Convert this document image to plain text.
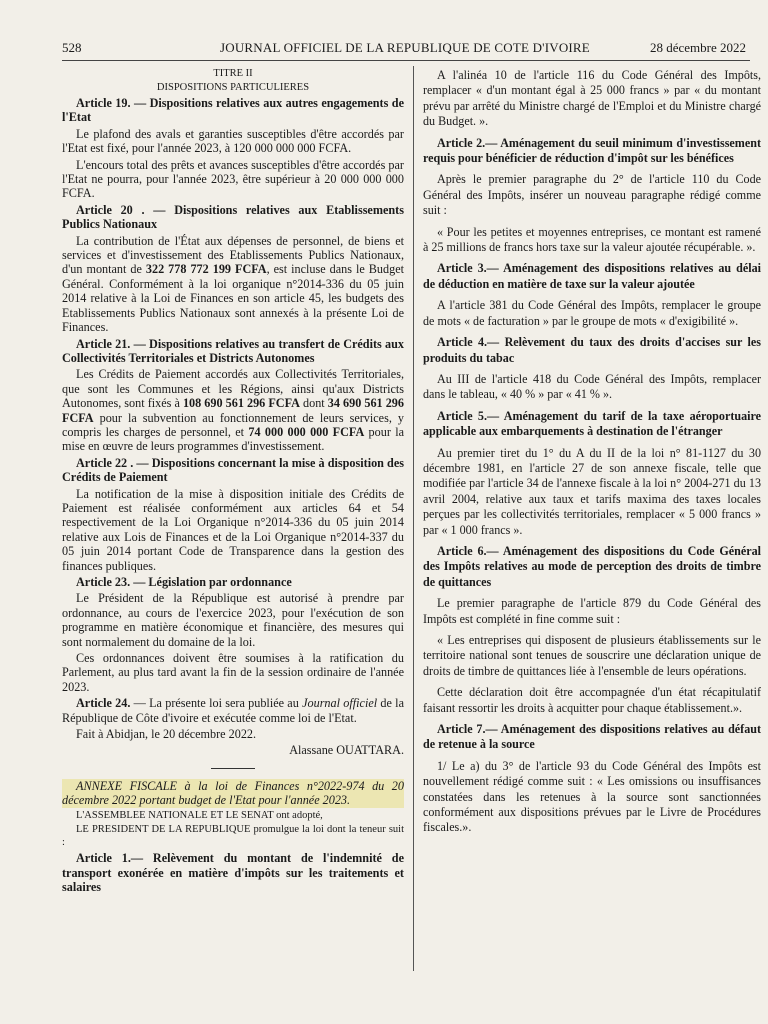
528	JOURNAL OFFICIEL DE LA REPUBLIQUE DE COTE D'IVOIRE	28 décembre 2022

TITRE II

DISPOSITIONS PARTICULIERES

Article 19. — Dispositions relatives aux autres engagements de l'Etat

Le plafond des avals et garanties susceptibles d'être accordés par l'Etat est fixé, pour l'année 2023, à 120 000 000 000 FCFA.

L'encours total des prêts et avances susceptibles d'être accordés par l'Etat ne pourra, pour l'année 2023, être supérieur à 20 000 000 000 FCFA.

Article 20 . — Dispositions relatives aux Etablissements Publics Nationaux

La contribution de l'État aux dépenses de personnel, de biens et services et d'investissement des Etablissements Publics Nationaux, d'un montant de 322 778 772 199 FCFA, est incluse dans le Budget Général. Conformément à la loi organique n°2014-336 du 05 juin 2014 relative à la Loi de Finances en son article 45, les budgets des Etablissements Publics Nationaux sont annexés à la présente Loi de Finances.

Article 21. — Dispositions relatives au transfert de Crédits aux Collectivités Territoriales et Districts Autonomes

Les Crédits de Paiement accordés aux Collectivités Territoriales, que sont les Communes et les Régions, ainsi qu'aux Districts Autonomes, sont fixés à 108 690 561 296 FCFA dont 34 690 561 296 FCFA pour la subvention au fonctionnement de leurs services, y compris les charges de personnel, et 74 000 000 000 FCFA pour la mise en œuvre de leurs programmes d'investissement.

Article 22 . — Dispositions concernant la mise à disposition des Crédits de Paiement

La notification de la mise à disposition initiale des Crédits de Paiement est réalisée conformément aux articles 64 et 54 respectivement de la Loi Organique n°2014-336 du 05 juin 2014 relative aux Lois de Finances et de la Loi Organique n°2014-337 du 05 juin 2014 portant Code de Transparence dans la gestion des finances publiques.

Article 23. — Législation par ordonnance

Le Président de la République est autorisé à prendre par ordonnance, au cours de l'exercice 2023, pour l'exécution de son programme en matière économique et financière, des mesures qui sont normalement du domaine de la loi.

Ces ordonnances doivent être soumises à la ratification du Parlement, au plus tard avant la fin de la session ordinaire de l'année 2023.

Article 24. — La présente loi sera publiée au Journal officiel de la République de Côte d'ivoire et exécutée comme loi de l'Etat.

Fait à Abidjan, le 20 décembre 2022.

Alassane OUATTARA.

ANNEXE FISCALE à la loi de Finances n°2022-974 du 20 décembre 2022 portant budget de l'Etat pour l'année 2023.

L'ASSEMBLEE NATIONALE ET LE SENAT ont adopté,

LE PRESIDENT DE LA REPUBLIQUE promulgue la loi dont la teneur suit :

Article 1.— Relèvement du montant de l'indemnité de transport exonérée en matière d'impôts sur les traitements et salaires

A l'alinéa 10 de l'article 116 du Code Général des Impôts, remplacer « d'un montant égal à 25 000 francs » par « du montant prévu par arrêté du Ministre chargé de l'Emploi et du Ministre chargé du Budget. ».

Article 2.— Aménagement du seuil minimum d'investissement requis pour bénéficier de réduction d'impôt sur les bénéfices

Après le premier paragraphe du 2° de l'article 110 du Code Général des Impôts, insérer un nouveau paragraphe rédigé comme suit :

« Pour les petites et moyennes entreprises, ce montant est ramené à 25 millions de francs hors taxe sur la valeur ajoutée récupérable. ».

Article 3.— Aménagement des dispositions relatives au délai de déduction en matière de taxe sur la valeur ajoutée

A l'article 381 du Code Général des Impôts, remplacer le groupe de mots « de facturation » par le groupe de mots « d'exigibilité ».

Article 4.— Relèvement du taux des droits d'accises sur les produits du tabac

Au III de l'article 418 du Code Général des Impôts, remplacer dans le tableau, « 40 % » par « 41 % ».

Article 5.— Aménagement du tarif de la taxe aéroportuaire applicable aux embarquements à destination de l'étranger

Au premier tiret du 1° du A du II de la loi n° 81-1127 du 30 décembre 1981, en l'article 27 de son annexe fiscale, telle que modifiée par l'article 34 de l'annexe fiscale à la loi n° 2004-271 du 13 avril 2004, relative aux taux et tarifs maxima des taxes locales perçues par les collectivités territoriales, remplacer « 5 000 francs » par « 1 000 francs ».

Article 6.— Aménagement des dispositions du Code Général des Impôts relatives au mode de perception des droits de timbre de quittances

Le premier paragraphe de l'article 879 du Code Général des Impôts est complété in fine comme suit :

« Les entreprises qui disposent de plusieurs établissements sur le territoire national sont tenues de souscrire une déclaration unique de droits de timbre de quittances liée à l'ensemble de leurs opérations.

Cette déclaration doit être accompagnée d'un état récapitulatif faisant ressortir les droits à acquitter pour chaque établissement.».

Article 7.— Aménagement des dispositions relatives au défaut de retenue à la source

1/ Le a) du 3° de l'article 93 du Code Général des Impôts est nouvellement rédigé comme suit : « Les omissions ou insuffisances constatées dans les retenues à la source sont sanctionnées conformément aux dispositions prévues par le Livre de Procédures fiscales.».
